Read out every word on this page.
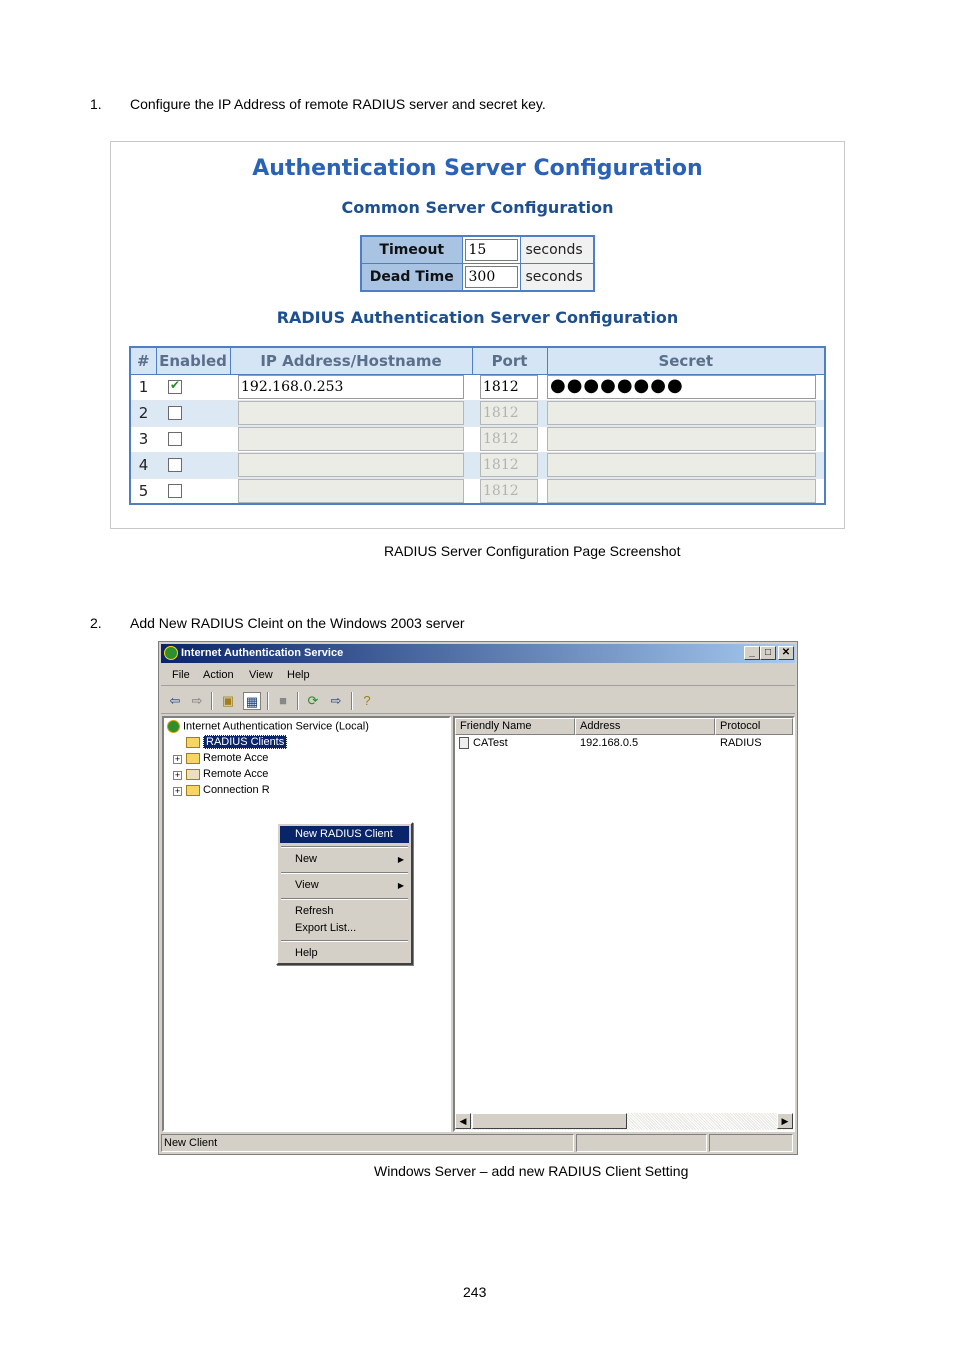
1. Configure the IP Address of remote RADIUS server and secret key.
Authentication Server Configuration
Common Server Configuration
Timeout	15	seconds
Dead Time	300	seconds
RADIUS Authentication Server Configuration
#	Enabled	IP Address/Hostname	Port	Secret
1	✔	192.168.0.253	1812	●●●●●●●●

2			1812	

3			1812	

4			1812	

5			1812	

RADIUS Server Configuration Page Screenshot
2. Add New RADIUS Cleint on the Windows 2003 server
Internet Authentication Service	_	□	✕
File Action View Help
⇦ ⇨ ▣ ▦	■	⟳ ⇨	?
Internet Authentication Service (Local)
RADIUS Clients
+	Remote Acce
+	Remote Acce
+	Connection R
New RADIUS Client
New	▶
View	▶
Refresh
Export List...
Help
Friendly Name	Address	Protocol
CATest	192.168.0.5	RADIUS
◀	▶
New Client
Windows Server – add new RADIUS Client Setting
243
